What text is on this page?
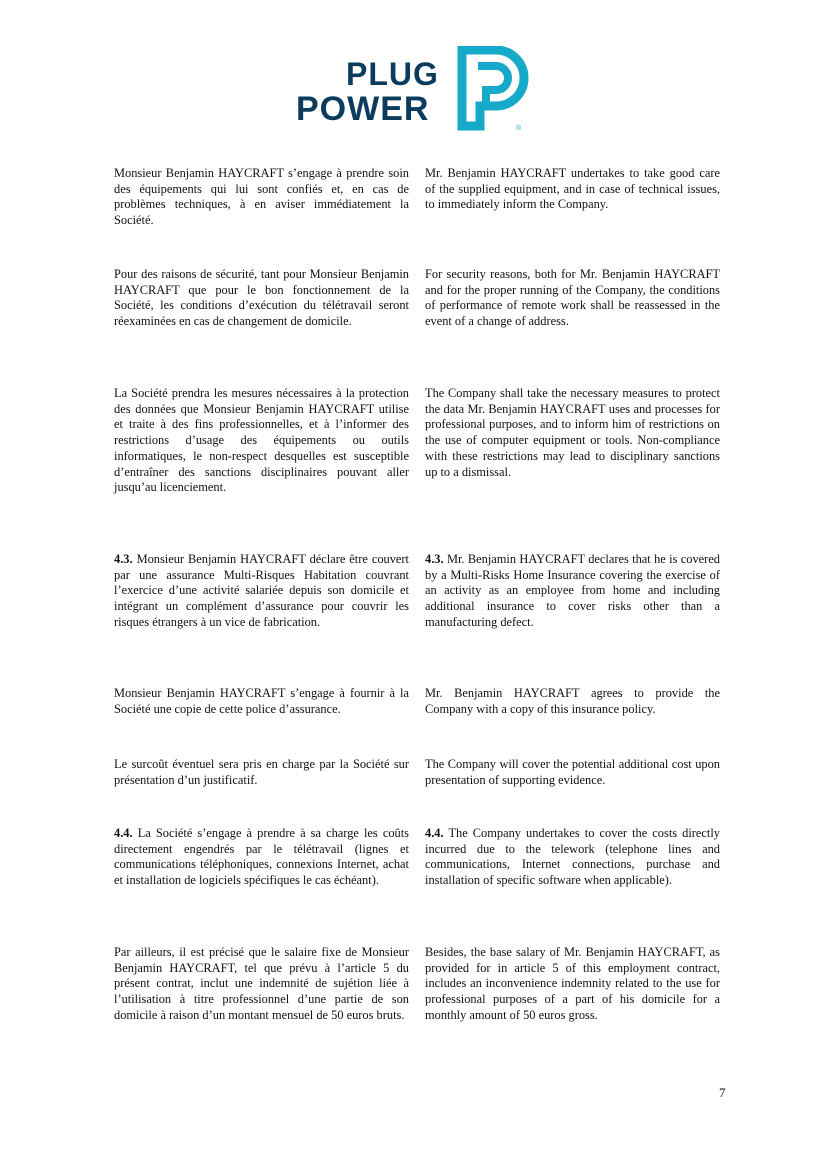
PLUG
POWER
®
Monsieur Benjamin HAYCRAFT s’engage à prendre soin des équipements qui lui sont confiés et, en cas de problèmes techniques, à en aviser immédiatement la Société.
Mr. Benjamin HAYCRAFT undertakes to take good care of the supplied equipment, and in case of technical issues, to immediately inform the Company.
Pour des raisons de sécurité, tant pour Monsieur Benjamin HAYCRAFT que pour le bon fonctionnement de la Société, les conditions d’exécution du télétravail seront réexaminées en cas de changement de domicile.
For security reasons, both for Mr. Benjamin HAYCRAFT and for the proper running of the Company, the conditions of performance of remote work shall be reassessed in the event of a change of address.
La Société prendra les mesures nécessaires à la protection des données que Monsieur Benjamin HAYCRAFT utilise et traite à des fins professionnelles, et à l’informer des restrictions d’usage des équipements ou outils informatiques, le non-respect desquelles est susceptible d’entraîner des sanctions disciplinaires pouvant aller jusqu’au licenciement.
The Company shall take the necessary measures to protect the data Mr. Benjamin HAYCRAFT uses and processes for professional purposes, and to inform him of restrictions on the use of computer equipment or tools. Non-compliance with these restrictions may lead to disciplinary sanctions up to a dismissal.
4.3. Monsieur Benjamin HAYCRAFT déclare être couvert par une assurance Multi-Risques Habitation couvrant l’exercice d’une activité salariée depuis son domicile et intégrant un complément d’assurance pour couvrir les risques étrangers à un vice de fabrication.
4.3. Mr. Benjamin HAYCRAFT declares that he is covered by a Multi-Risks Home Insurance covering the exercise of an activity as an employee from home and including additional insurance to cover risks other than a manufacturing defect.
Monsieur Benjamin HAYCRAFT s’engage à fournir à la Société une copie de cette police d’assurance.
Mr. Benjamin HAYCRAFT agrees to provide the Company with a copy of this insurance policy.
Le surcoût éventuel sera pris en charge par la Société sur présentation d’un justificatif.
The Company will cover the potential additional cost upon presentation of supporting evidence.
4.4. La Société s’engage à prendre à sa charge les coûts directement engendrés par le télétravail (lignes et communications téléphoniques, connexions Internet, achat et installation de logiciels spécifiques le cas échéant).
4.4. The Company undertakes to cover the costs directly incurred due to the telework (telephone lines and communications, Internet connections, purchase and installation of specific software when applicable).
Par ailleurs, il est précisé que le salaire fixe de Monsieur Benjamin HAYCRAFT, tel que prévu à l’article 5 du présent contrat, inclut une indemnité de sujétion liée à l’utilisation à titre professionnel d’une partie de son domicile à raison d’un montant mensuel de 50 euros bruts.
Besides, the base salary of Mr. Benjamin HAYCRAFT, as provided for in article 5 of this employment contract, includes an inconvenience indemnity related to the use for professional purposes of a part of his domicile for a monthly amount of 50 euros gross.
7
